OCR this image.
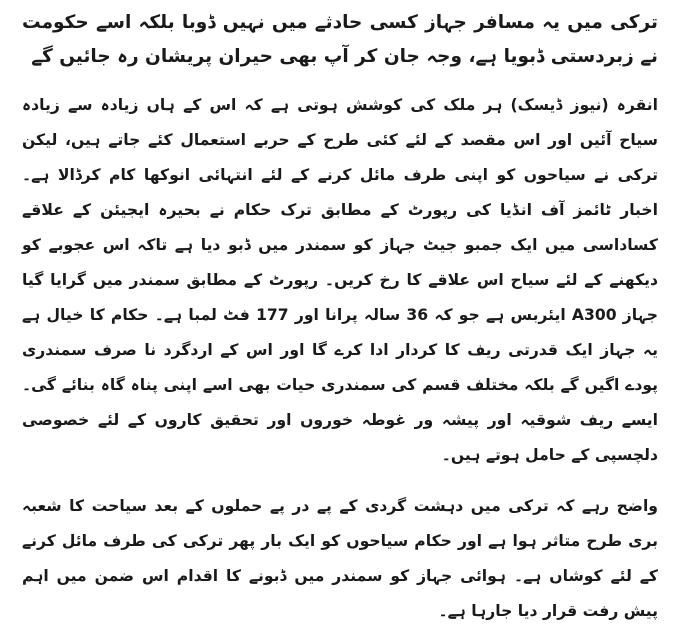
ترکی میں یہ مسافر جہاز کسی حادثے میں نہیں ڈوبا بلکہ اسے حکومت نے زبردستی ڈبویا ہے، وجہ جان کر آپ بھی حیران پریشان رہ جائیں گے

انقرہ (نیوز ڈیسک) ہر ملک کی کوشش ہوتی ہے کہ اس کے ہاں زیادہ سے زیادہ سیاح آئیں اور اس مقصد کے لئے کئی طرح کے حربے استعمال کئے جاتے ہیں، لیکن ترکی نے سیاحوں کو اپنی طرف مائل کرنے کے لئے انتہائی انوکھا کام کرڈالا ہے۔ اخبار ٹائمز آف انڈیا کی رپورٹ کے مطابق ترک حکام نے بحیرہ ایجیئن کے علاقے کساداسی میں ایک جمبو جیٹ جہاز کو سمندر میں ڈبو دیا ہے تاکہ اس عجوبے کو دیکھنے کے لئے سیاح اس علاقے کا رخ کریں۔ رپورٹ کے مطابق سمندر میں گرایا گیا جہاز A300 ایئربس ہے جو کہ 36 سالہ پرانا اور 177 فٹ لمبا ہے۔ حکام کا خیال ہے یہ جہاز ایک قدرتی ریف کا کردار ادا کرے گا اور اس کے اردگرد نا صرف سمندری پودے اگیں گے بلکہ مختلف قسم کی سمندری حیات بھی اسے اپنی پناہ گاہ بنائے گی۔ ایسے ریف شوقیہ اور پیشہ ور غوطہ خوروں اور تحقیق کاروں کے لئے خصوصی دلچسپی کے حامل ہوتے ہیں۔

واضح رہے کہ ترکی میں دہشت گردی کے پے در پے حملوں کے بعد سیاحت کا شعبہ بری طرح متاثر ہوا ہے اور حکام سیاحوں کو ایک بار پھر ترکی کی طرف مائل کرنے کے لئے کوشاں ہے۔ ہوائی جہاز کو سمندر میں ڈبونے کا اقدام اس ضمن میں اہم پیش رفت قرار دیا جارہا ہے۔
